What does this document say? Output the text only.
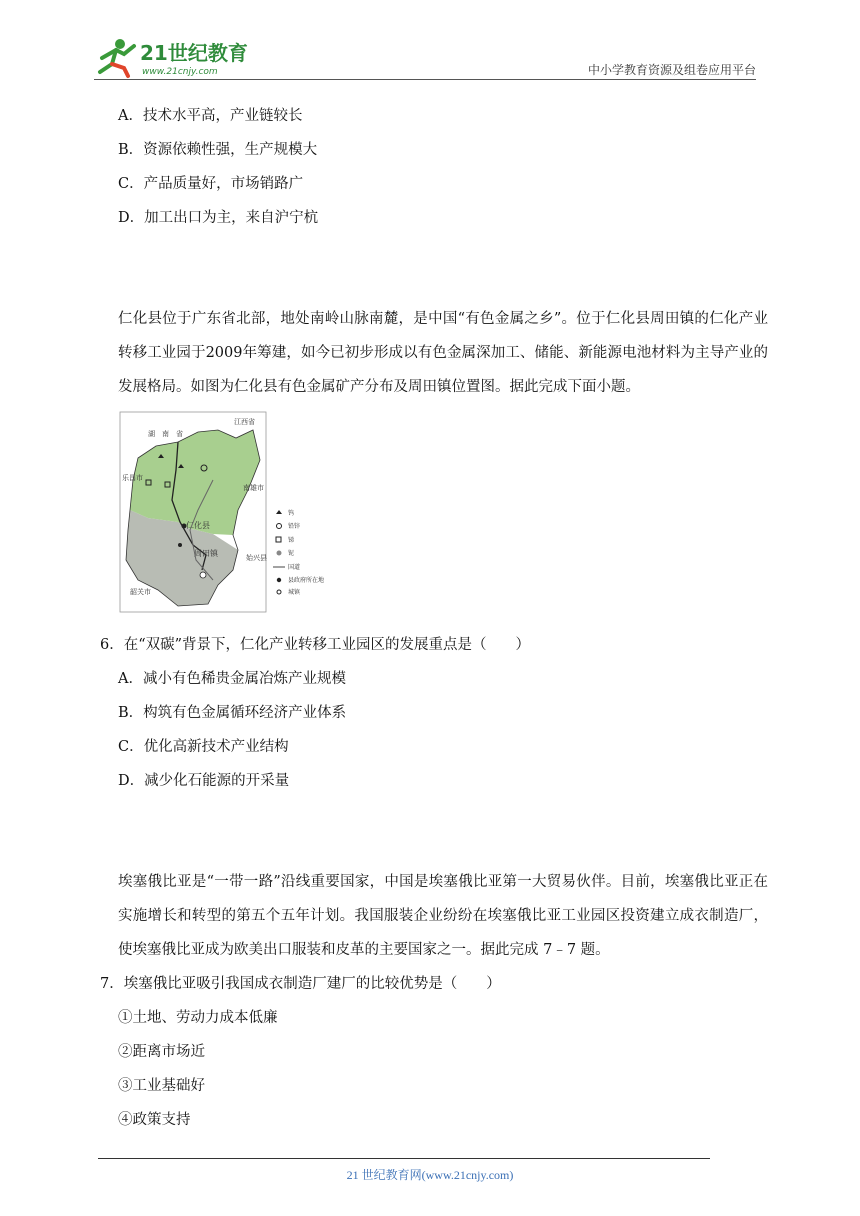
21世纪教育
www.21cnjy.com	中小学教育资源及组卷应用平台
A．技术水平高，产业链较长
B．资源依赖性强，生产规模大
C．产品质量好，市场销路广
D．加工出口为主，来自沪宁杭
仁化县位于广东省北部，地处南岭山脉南麓，是中国“有色金属之乡”。位于仁化县周田镇的仁化产业转移工业园于2009年筹建，如今已初步形成以有色金属深加工、储能、新能源电池材料为主导产业的发展格局。如图为仁化县有色金属矿产分布及周田镇位置图。据此完成下面小题。
湖　南　省
江西省
乐昌市
南雄市
仁化县
周田镇	始兴县
韶关市
钨
铅锌
锑
铌
国道
县政府所在地
城镇
6．在“双碳”背景下，仁化产业转移工业园区的发展重点是（　　）
A．减小有色稀贵金属冶炼产业规模
B．构筑有色金属循环经济产业体系
C．优化高新技术产业结构
D．减少化石能源的开采量
埃塞俄比亚是“一带一路”沿线重要国家，中国是埃塞俄比亚第一大贸易伙伴。目前，埃塞俄比亚正在实施增长和转型的第五个五年计划。我国服装企业纷纷在埃塞俄比亚工业园区投资建立成衣制造厂，使埃塞俄比亚成为欧美出口服装和皮革的主要国家之一。据此完成 7﹣7 题。
7．埃塞俄比亚吸引我国成衣制造厂建厂的比较优势是（　　）
①土地、劳动力成本低廉
②距离市场近
③工业基础好
④政策支持
21 世纪教育网(www.21cnjy.com)
